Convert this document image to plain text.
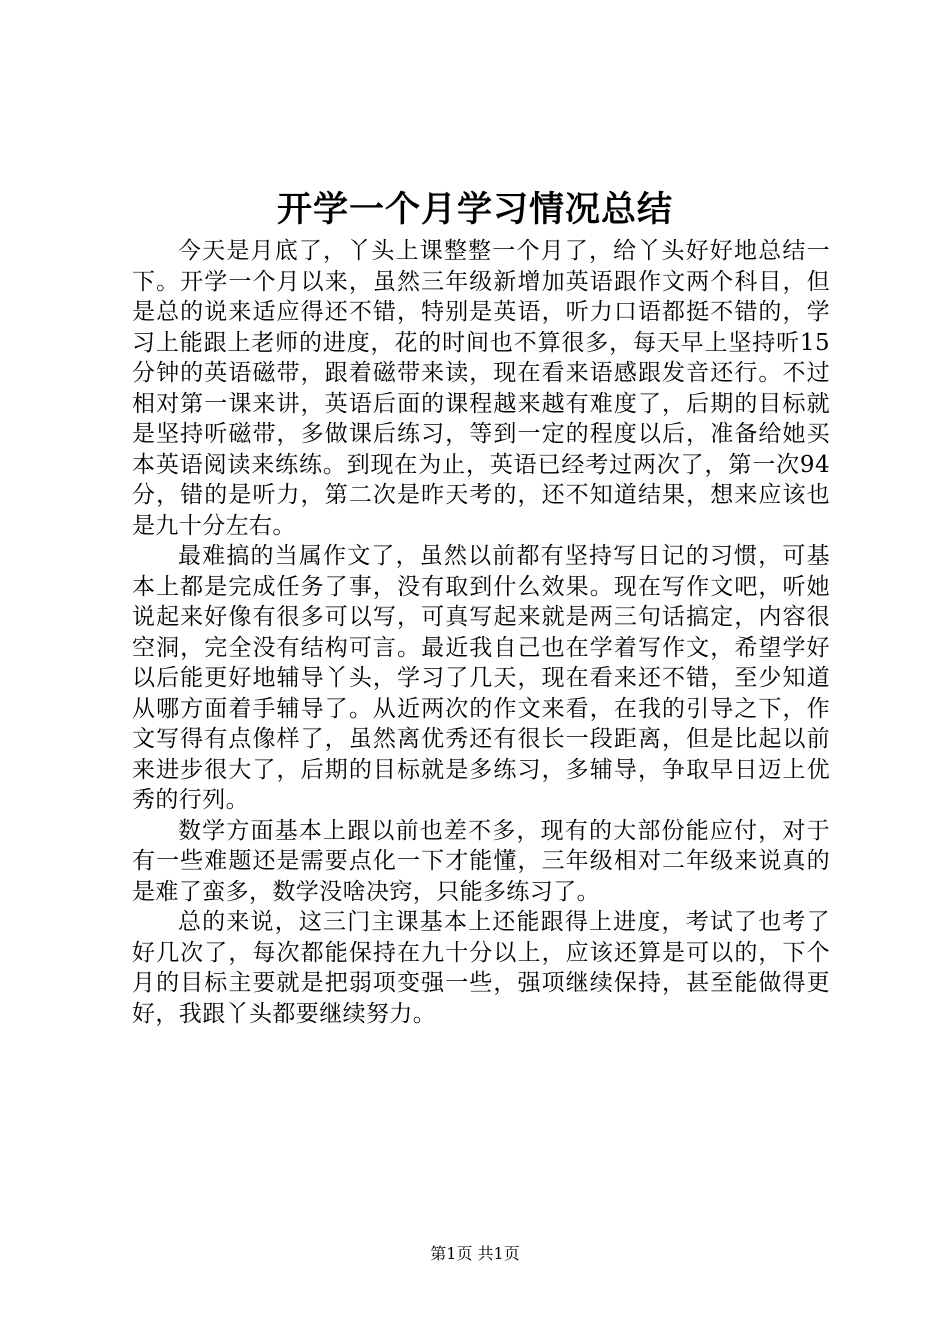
开学一个月学习情况总结

今天是月底了，丫头上课整整一个月了，给丫头好好地总结一下。开学一个月以来，虽然三年级新增加英语跟作文两个科目，但是总的说来适应得还不错，特别是英语，听力口语都挺不错的，学习上能跟上老师的进度，花的时间也不算很多，每天早上坚持听15分钟的英语磁带，跟着磁带来读，现在看来语感跟发音还行。不过相对第一课来讲，英语后面的课程越来越有难度了，后期的目标就是坚持听磁带，多做课后练习，等到一定的程度以后，准备给她买本英语阅读来练练。到现在为止，英语已经考过两次了，第一次94分，错的是听力，第二次是昨天考的，还不知道结果，想来应该也是九十分左右。

最难搞的当属作文了，虽然以前都有坚持写日记的习惯，可基本上都是完成任务了事，没有取到什么效果。现在写作文吧，听她说起来好像有很多可以写，可真写起来就是两三句话搞定，内容很空洞，完全没有结构可言。最近我自己也在学着写作文，希望学好以后能更好地辅导丫头，学习了几天，现在看来还不错，至少知道从哪方面着手辅导了。从近两次的作文来看，在我的引导之下，作文写得有点像样了，虽然离优秀还有很长一段距离，但是比起以前来进步很大了，后期的目标就是多练习，多辅导，争取早日迈上优秀的行列。

数学方面基本上跟以前也差不多，现有的大部份能应付，对于有一些难题还是需要点化一下才能懂，三年级相对二年级来说真的是难了蛮多，数学没啥决窍，只能多练习了。

总的来说，这三门主课基本上还能跟得上进度，考试了也考了好几次了，每次都能保持在九十分以上，应该还算是可以的，下个月的目标主要就是把弱项变强一些，强项继续保持，甚至能做得更好，我跟丫头都要继续努力。

第1页 共1页
